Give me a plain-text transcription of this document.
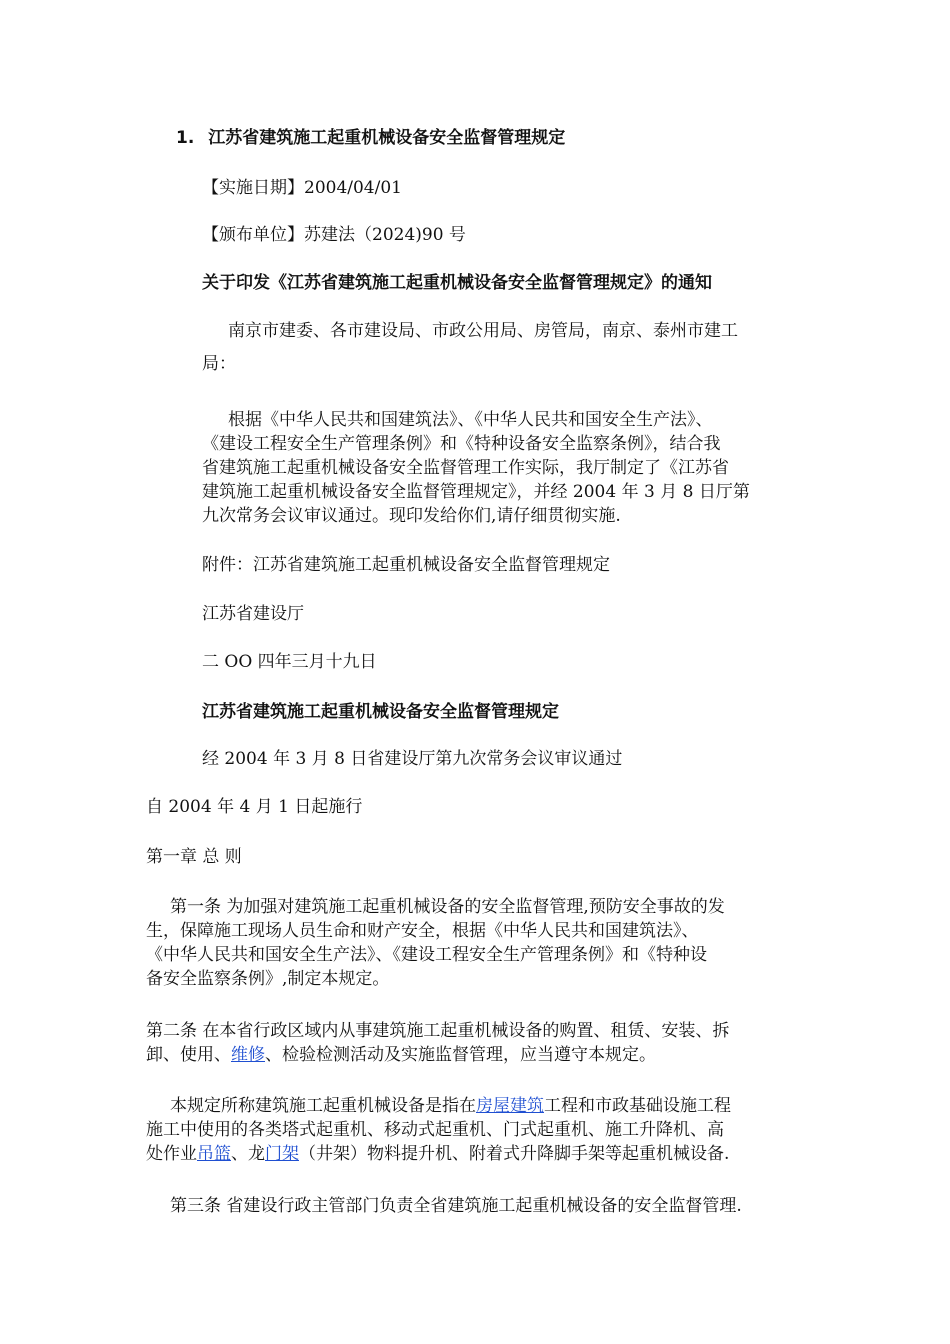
1. 江苏省建筑施工起重机械设备安全监督管理规定
【实施日期】2004/04/01
【颁布单位】苏建法（2024)90 号
关于印发《江苏省建筑施工起重机械设备安全监督管理规定》的通知
南京市建委、各市建设局、市政公用局、房管局，南京、泰州市建工
局：
根据《中华人民共和国建筑法》、《中华人民共和国安全生产法》、
《建设工程安全生产管理条例》和《特种设备安全监察条例》，结合我
省建筑施工起重机械设备安全监督管理工作实际，我厅制定了《江苏省
建筑施工起重机械设备安全监督管理规定》，并经 2004 年 3 月 8 日厅第
九次常务会议审议通过。现印发给你们,请仔细贯彻实施.
附件：江苏省建筑施工起重机械设备安全监督管理规定
江苏省建设厅
二 OO 四年三月十九日
江苏省建筑施工起重机械设备安全监督管理规定
经 2004 年 3 月 8 日省建设厅第九次常务会议审议通过
自 2004 年 4 月 1 日起施行
第一章 总 则
第一条 为加强对建筑施工起重机械设备的安全监督管理,预防安全事故的发
生，保障施工现场人员生命和财产安全，根据《中华人民共和国建筑法》、
《中华人民共和国安全生产法》、《建设工程安全生产管理条例》和《特种设
备安全监察条例》,制定本规定。
第二条 在本省行政区域内从事建筑施工起重机械设备的购置、租赁、安装、拆
卸、使用、维修、检验检测活动及实施监督管理，应当遵守本规定。
本规定所称建筑施工起重机械设备是指在房屋建筑工程和市政基础设施工程
施工中使用的各类塔式起重机、移动式起重机、门式起重机、施工升降机、高
处作业吊篮、龙门架（井架）物料提升机、附着式升降脚手架等起重机械设备.
第三条 省建设行政主管部门负责全省建筑施工起重机械设备的安全监督管理.
